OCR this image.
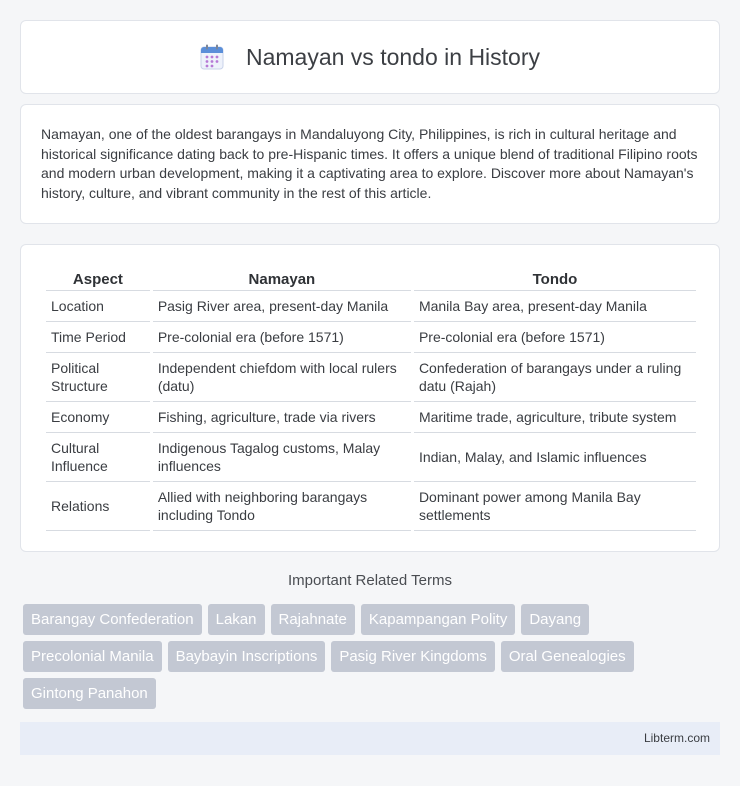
Namayan vs tondo in History

Namayan, one of the oldest barangays in Mandaluyong City, Philippines, is rich in cultural heritage and historical significance dating back to pre-Hispanic times. It offers a unique blend of traditional Filipino roots and modern urban development, making it a captivating area to explore. Discover more about Namayan's history, culture, and vibrant community in the rest of this article.

Aspect	Namayan	Tondo
Location	Pasig River area, present-day Manila	Manila Bay area, present-day Manila
Time Period	Pre-colonial era (before 1571)	Pre-colonial era (before 1571)
Political Structure	Independent chiefdom with local rulers (datu)	Confederation of barangays under a ruling datu (Rajah)
Economy	Fishing, agriculture, trade via rivers	Maritime trade, agriculture, tribute system
Cultural Influence	Indigenous Tagalog customs, Malay influences	Indian, Malay, and Islamic influences
Relations	Allied with neighboring barangays including Tondo	Dominant power among Manila Bay settlements
Important Related Terms
Barangay Confederation	Lakan	Rajahnate	Kapampangan Polity	Dayang
Precolonial Manila	Baybayin Inscriptions	Pasig River Kingdoms	Oral Genealogies
Gintong Panahon
Libterm.com
